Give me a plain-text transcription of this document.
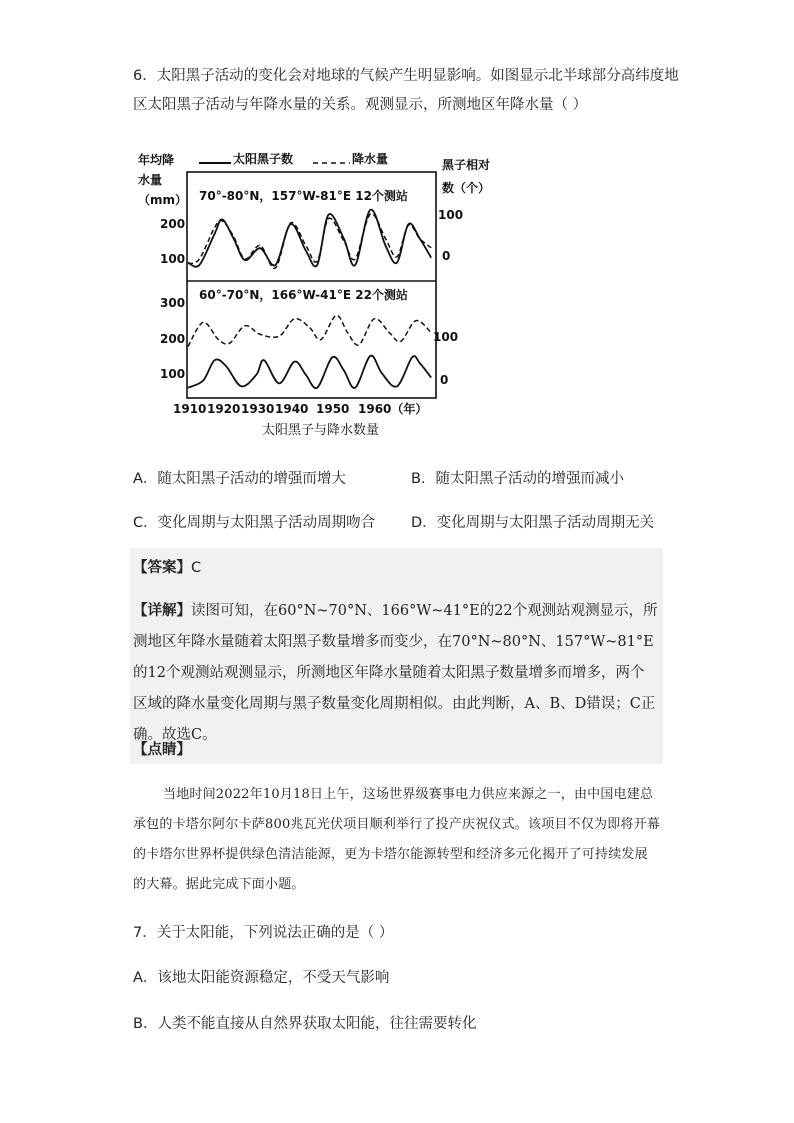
6．太阳黑子活动的变化会对地球的气候产生明显影响。如图显示北半球部分高纬度地区太阳黑子活动与年降水量的关系。观测显示，所测地区年降水量（ ）
年均降
水量
（mm）
太阳黑子数	降水量	黑子相对
数（个）
70°-80°N，157°W-81°E 12个测站
60°-70°N，166°W-41°E 22个测站
200
100
100
0
300
200
100
100
0
1910 1920 1930 1940 1950 1960（年）
太阳黑子与降水数量
A．随太阳黑子活动的增强而增大	B．随太阳黑子活动的增强而减小
C．变化周期与太阳黑子活动周期吻合 D．变化周期与太阳黑子活动周期无关
【答案】C
【详解】读图可知，在60°N~70°N、166°W~41°E的22个观测站观测显示，所测地区年降水量随着太阳黑子数量增多而变少，在70°N~80°N、157°W~81°E的12个观测站观测显示，所测地区年降水量随着太阳黑子数量增多而增多，两个区域的降水量变化周期与黑子数量变化周期相似。由此判断，A、B、D错误；C正确。故选C。
【点睛】
当地时间2022年10月18日上午，这场世界级赛事电力供应来源之一，由中国电建总承包的卡塔尔阿尔卡萨800兆瓦光伏项目顺利举行了投产庆祝仪式。该项目不仅为即将开幕的卡塔尔世界杯提供绿色清洁能源，更为卡塔尔能源转型和经济多元化揭开了可持续发展的大幕。据此完成下面小题。
7．关于太阳能，下列说法正确的是（ ）
A．该地太阳能资源稳定，不受天气影响
B．人类不能直接从自然界获取太阳能，往往需要转化
